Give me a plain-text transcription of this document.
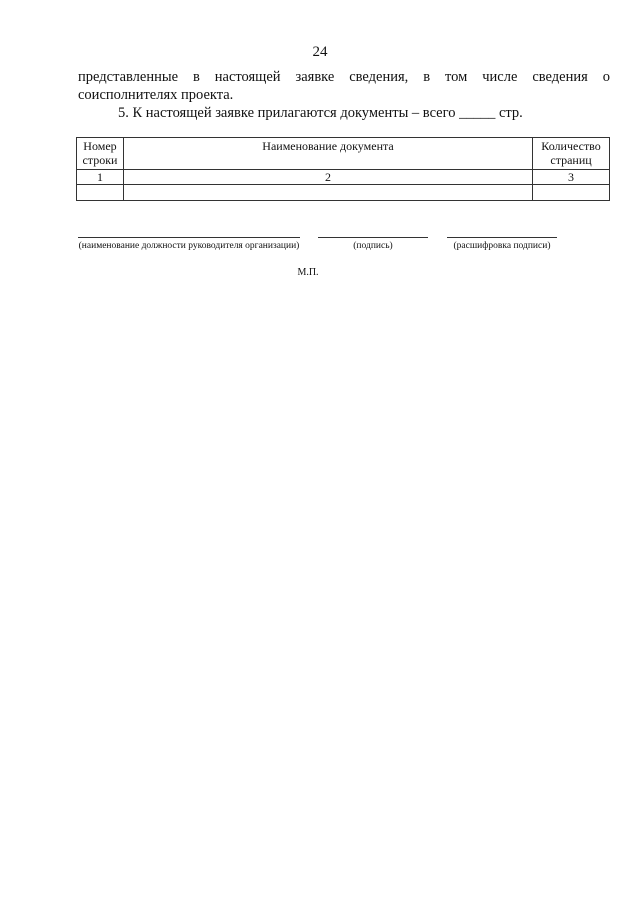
24
представленные в настоящей заявке сведения, в том числе сведения о соисполнителях проекта.
5. К настоящей заявке прилагаются документы – всего _____ стр.
Номер строки	Наименование документа	Количество страниц
1	2	3

(наименование должности руководителя организации)	(подпись)	(расшифровка подписи)
М.П.
